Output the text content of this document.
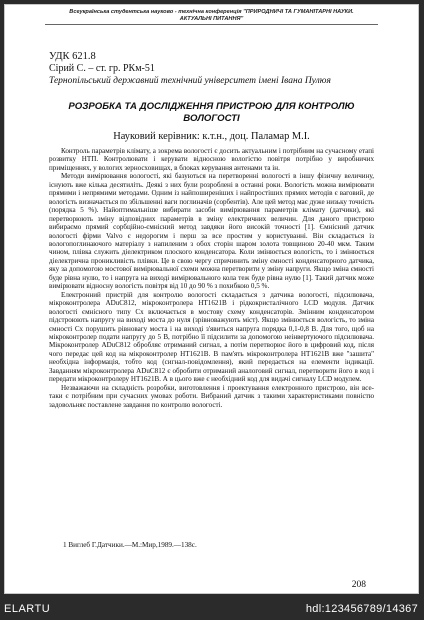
Всеукраїнська студентська науково - технічна конференція "ПРИРОДНИЧІ ТА ГУМАНІТАРНІ НАУКИ.
АКТУАЛЬНІ ПИТАННЯ"
УДК 621.8
Сірий С. – ст. гр. РКм-51
Тернопільський державний технічний університет імені Івана Пулюя
РОЗРОБКА ТА ДОСЛІДЖЕННЯ ПРИСТРОЮ ДЛЯ КОНТРОЛЮ ВОЛОГОСТІ
Науковий керівник: к.т.н., доц. Паламар М.І.

Контроль параметрів клімату, а зокрема вологості є досить актуальним і потрібним на сучасному етапі розвитку НТП. Контролювати і керувати відносною вологістю повітря потрібно у виробничих приміщеннях, у вологих зерносховищах, в блоках керування антенами та ін.

Методи вимірювання вологості, які базуються на перетворенні вологості в іншу фізичну величину, існують вже кілька десятиліть. Деякі з них були розроблені в останні роки. Вологість можна вимірювати прямими і непрямими методами. Одним із найпоширеніших і найпростіших прямих методів є ваговий, де вологість визначається по збільшенні ваги поглиначів (сорбентів). Але цей метод має дуже низьку точність (порядка 5 %). Найоптимальніше вибирати засоби вимірювання параметрів клімату (датчики), які перетворюють зміну відповідних параметрів в зміну електричних величин. Для даного пристрою вибираємо прямий сорбційно-ємнісний метод завдяки його високій точності [1]. Ємнісний датчик вологості фірми Valvo є недорогим і перш за все простим у користуванні. Він складається із вологопоглинаючого матеріалу з напиленим з обох сторін шаром золота товщиною 20-40 мкм. Таким чином, плівка служить діелектриком плоского конденсатора. Коли змінюється вологість, то і змінюється діелектрична проникливість плівки. Це в свою чергу спричинить зміну ємності конденсаторного датчика, яку за допомогою мостової вимірювальної схеми можна перетворити у зміну напруги. Якщо зміна ємності буде рівна нулю, то і напруга на виході вимірювального кола теж буде рівна нулю [1]. Такий датчик може вимірювати відносну вологість повітря від 10 до 90 % з похибкою 0,5 %.

Електронний пристрій для контролю вологості складається з датчика вологості, підсилювача, мікроконтролера ADuC812, мікроконтролера HT1621B і рідкокристалічного LCD модуля. Датчик вологості ємнісного типу Сх включається в мостову схему конденсаторів. Змінним конденсатором підстроюють напругу на виході моста до нуля (зрівноважують міст). Якщо змінюється вологість, то зміна ємності Сх порушить рівновагу моста і на виході з'явиться напруга порядка 0,1-0,8 В. Для того, щоб на мікроконтролер подати напругу до 5 В, потрібно її підсилити за допомогою неінвертуючого підсилювача. Мікроконтролер ADuC812 обробляє отриманий сигнал, а потім перетворює його в цифровий код, після чого передає цей код на мікроконтролер HT1621B. В пам'ять мікроконтролера HT1621B вже "зашита" необхідна інформація, тобто код (сигнал-повідомлення), який передається на елементи індикації. Завданням мікроконтролера ADuC812 є обробити отриманий аналоговий сигнал, перетворити його в код і передати мікроконтролеру HT1621B. А в цього вже є необхідний код для видачі сигналу LCD модулем.

Незважаючи на складність розробки, виготовлення і проектування електронного пристрою, він все-таки є потрібним при сучасних умовах роботи. Вибраний датчик з такими характеристиками повністю задовольняє поставлене завдання по контролю вологості.

1 Виглеб Г.Датчики.—М.:Мир,1989.—138с.
208
ELARTU	hdl:123456789/14367
